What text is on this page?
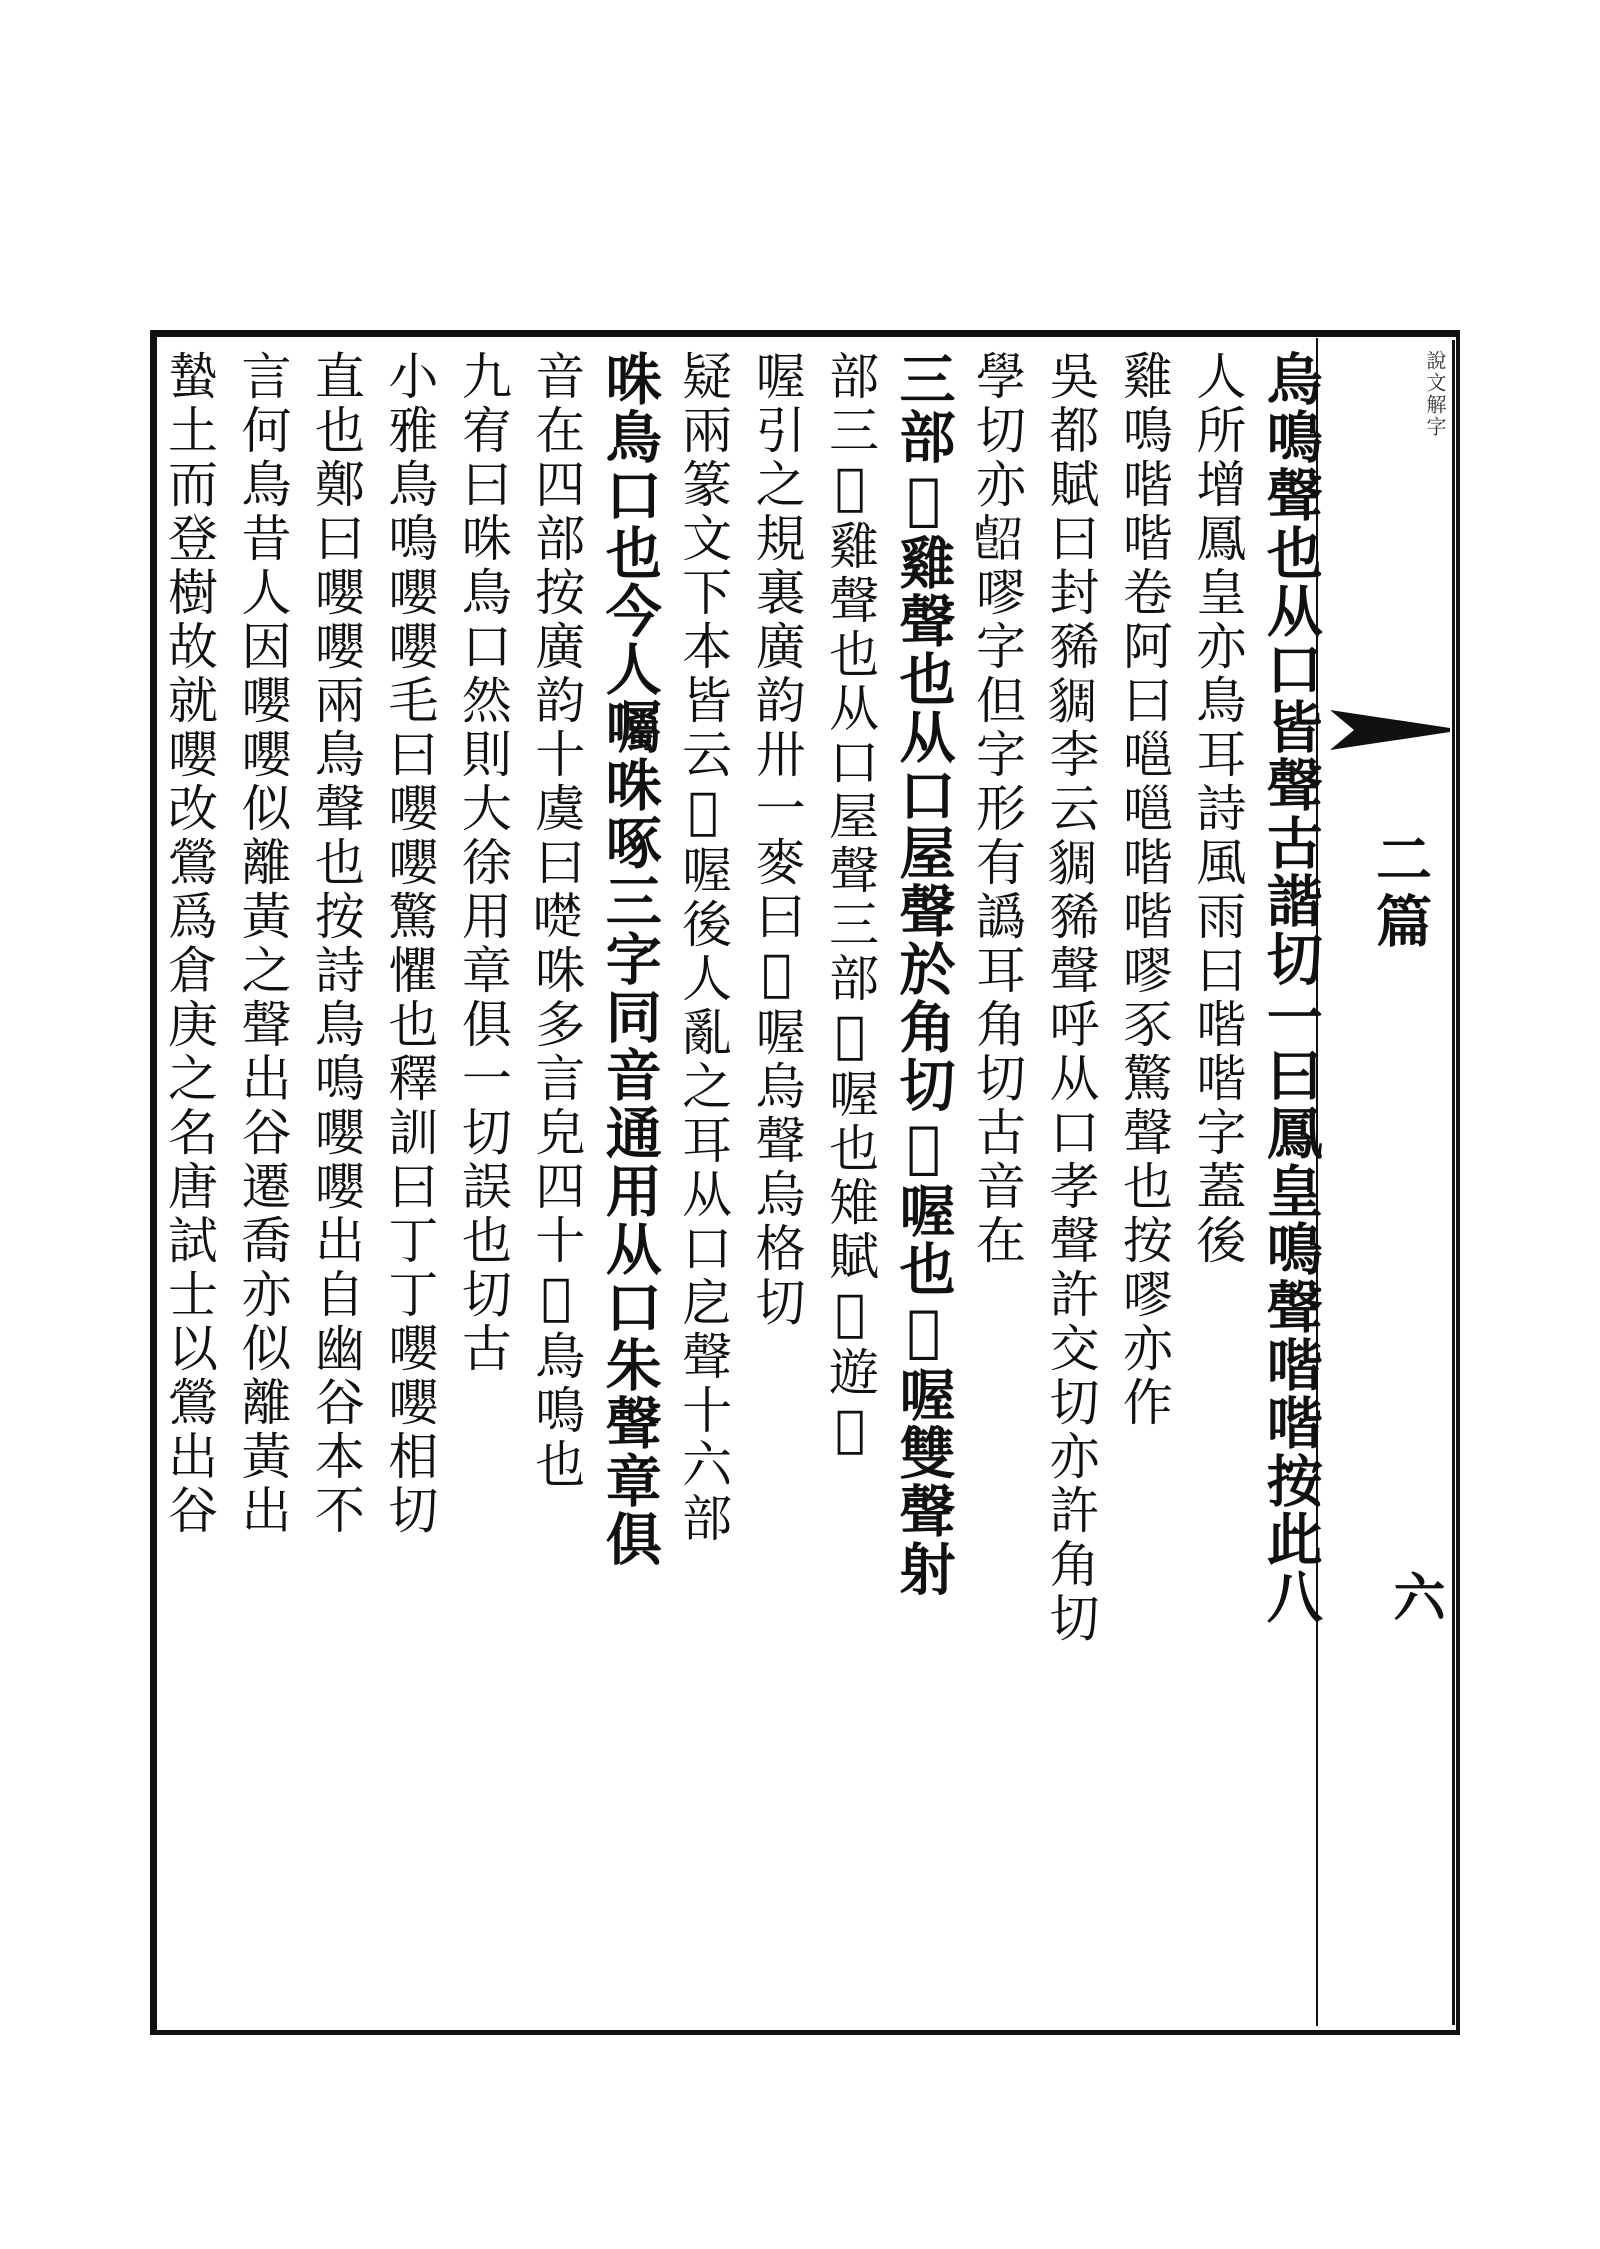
說文解字
二篇
六
烏鳴聲也从口皆聲古諧切一曰鳳皇鳴聲喈喈按此八
人所增鳳皇亦鳥耳詩風雨曰喈喈字蓋後
雞鳴喈喈卷阿曰嗈嗈喈喈嘐豕驚聲也按嘐亦作
吳都賦曰封豨𧳜李云𧳜豨聲呼从口孝聲許交切亦許角切
學切亦𠸿嘐字但字形有譌耳角切古音在
三部𠰸雞聲也从口屋聲於角切𠰸喔也𡀀喔雙聲射
部三𠰸雞聲也从口屋聲三部𠰸喔也雉賦𠰸遊𡀀
喔引之規裏廣韵卅一麥曰𡀀喔烏聲烏格切
疑兩篆文下本皆云𡀀喔後人亂之耳从口戹聲十六部
咮鳥口也今人囑咮啄三字同音通用从口朱聲章俱
音在四部按廣韵十虞曰𠿝咮多言皃四十𡁱鳥鳴也
九宥曰咮鳥口然則大徐用章俱一切誤也切古
小雅鳥鳴嚶嚶毛曰嚶嚶驚懼也釋訓曰丁丁嚶嚶相切
直也鄭曰嚶嚶兩鳥聲也按詩鳥鳴嚶嚶出自幽谷本不
言何鳥昔人因嚶嚶似離黃之聲出谷遷喬亦似離黃出
蟄土而登樹故就嚶改鶯爲倉庚之名唐試士以鶯出谷
